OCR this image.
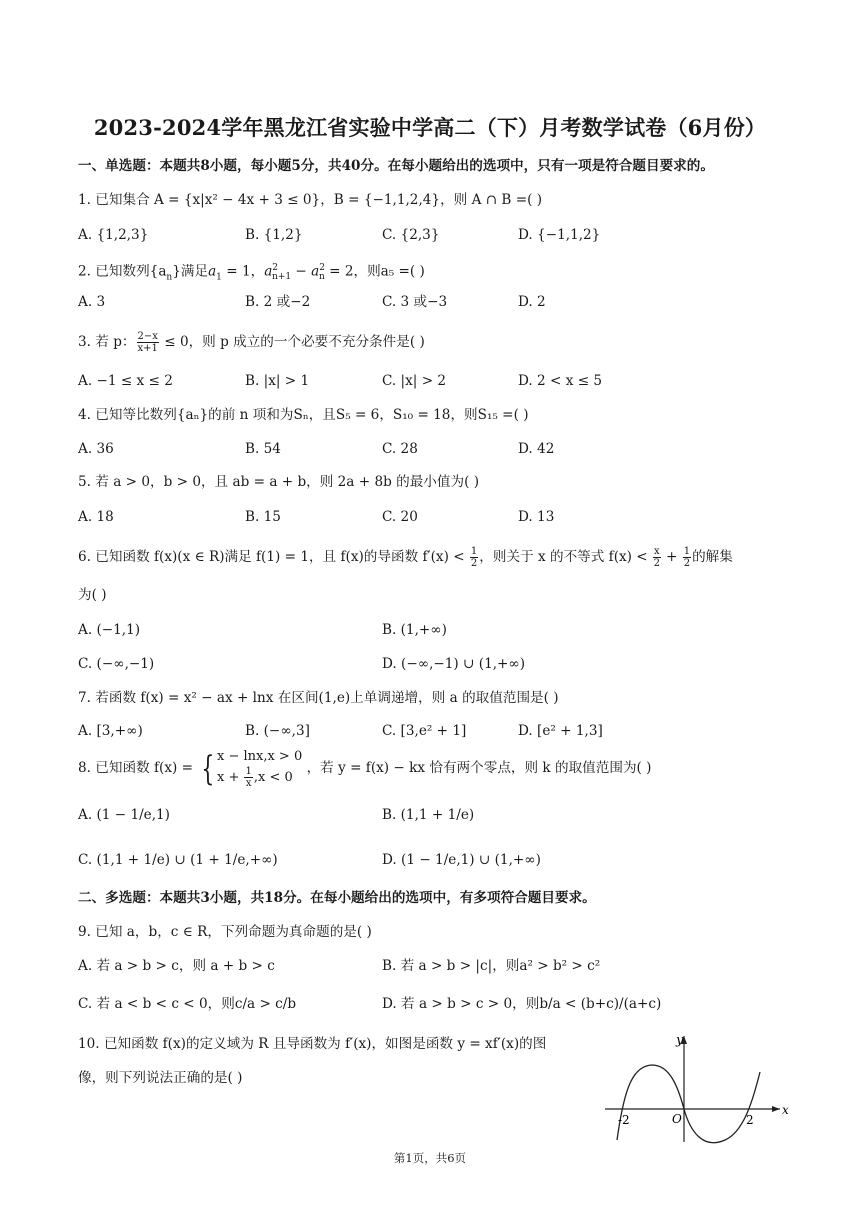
2023-2024学年黑龙江省实验中学高二（下）月考数学试卷（6月份）
一、单选题：本题共8小题，每小题5分，共40分。在每小题给出的选项中，只有一项是符合题目要求的。
1. 已知集合 A = {x|x² − 4x + 3 ≤ 0}，B = {−1,1,2,4}，则 A ∩ B =( )
A. {1,2,3}	B. {1,2}	C. {2,3}	D. {−1,1,2}
2. 已知数列$\{a_n\}$满足$a_1 = 1$，$a^2_{n+1} - a^2_n = 2$，则a₅ =( )
A. 3	B. 2 或−2	C. 3 或−3	D. 2
3. 若 p： $\frac{2-x}{x+1} \le 0$，则 p 成立的一个必要不充分条件是( )
A. −1 ≤ x ≤ 2	B. |x| > 1	C. |x| > 2	D. 2 < x ≤ 5
4. 已知等比数列{aₙ}的前 n 项和为Sₙ，且S₅ = 6，S₁₀ = 18，则S₁₅ =( )
A. 36	B. 54	C. 28	D. 42
5. 若 a > 0，b > 0，且 ab = a + b，则 2a + 8b 的最小值为( )
A. 18	B. 15	C. 20	D. 13
6. 已知函数 f(x)(x ∈ R)满足 f(1) = 1，且 f(x)的导函数 $f'(x) < \frac{1}{2}$ ，则关于 x 的不等式 $f(x) < \frac{x}{2} + \frac{1}{2}$ 的解集
为( )
A. (−1,1)	B. (1,+∞)
C. (−∞,−1)	D. (−∞,−1) ∪ (1,+∞)
7. 若函数 f(x) = x² − ax + lnx 在区间(1,e)上单调递增，则 a 的取值范围是( )
A. [3,+∞)	B. (−∞,3]	C. [3,e² + 1]	D. [e² + 1,3]
8. 已知函数 f(x) = { x − lnx,x > 0
$x + \frac{1}{x} ,x < 0$
，若 y = f(x) − kx 恰有两个零点，则 k 的取值范围为( )
A. (1 − 1/e,1)	B. (1,1 + 1/e)
C. (1,1 + 1/e) ∪ (1 + 1/e,+∞)	D. (1 − 1/e,1) ∪ (1,+∞)
二、多选题：本题共3小题，共18分。在每小题给出的选项中，有多项符合题目要求。
9. 已知 a，b，c ∈ R，下列命题为真命题的是( )
A. 若 a > b > c，则 a + b > c	B. 若 a > b > |c|，则a² > b² > c²
C. 若 a < b < c < 0，则c/a > c/b	D. 若 a > b > c > 0，则b/a < (b+c)/(a+c)
10. 已知函数 f(x)的定义域为 R 且导函数为 f′(x)，如图是函数 y = xf′(x)的图
像，则下列说法正确的是( )
y
x
O
-2	2
第1页，共6页
